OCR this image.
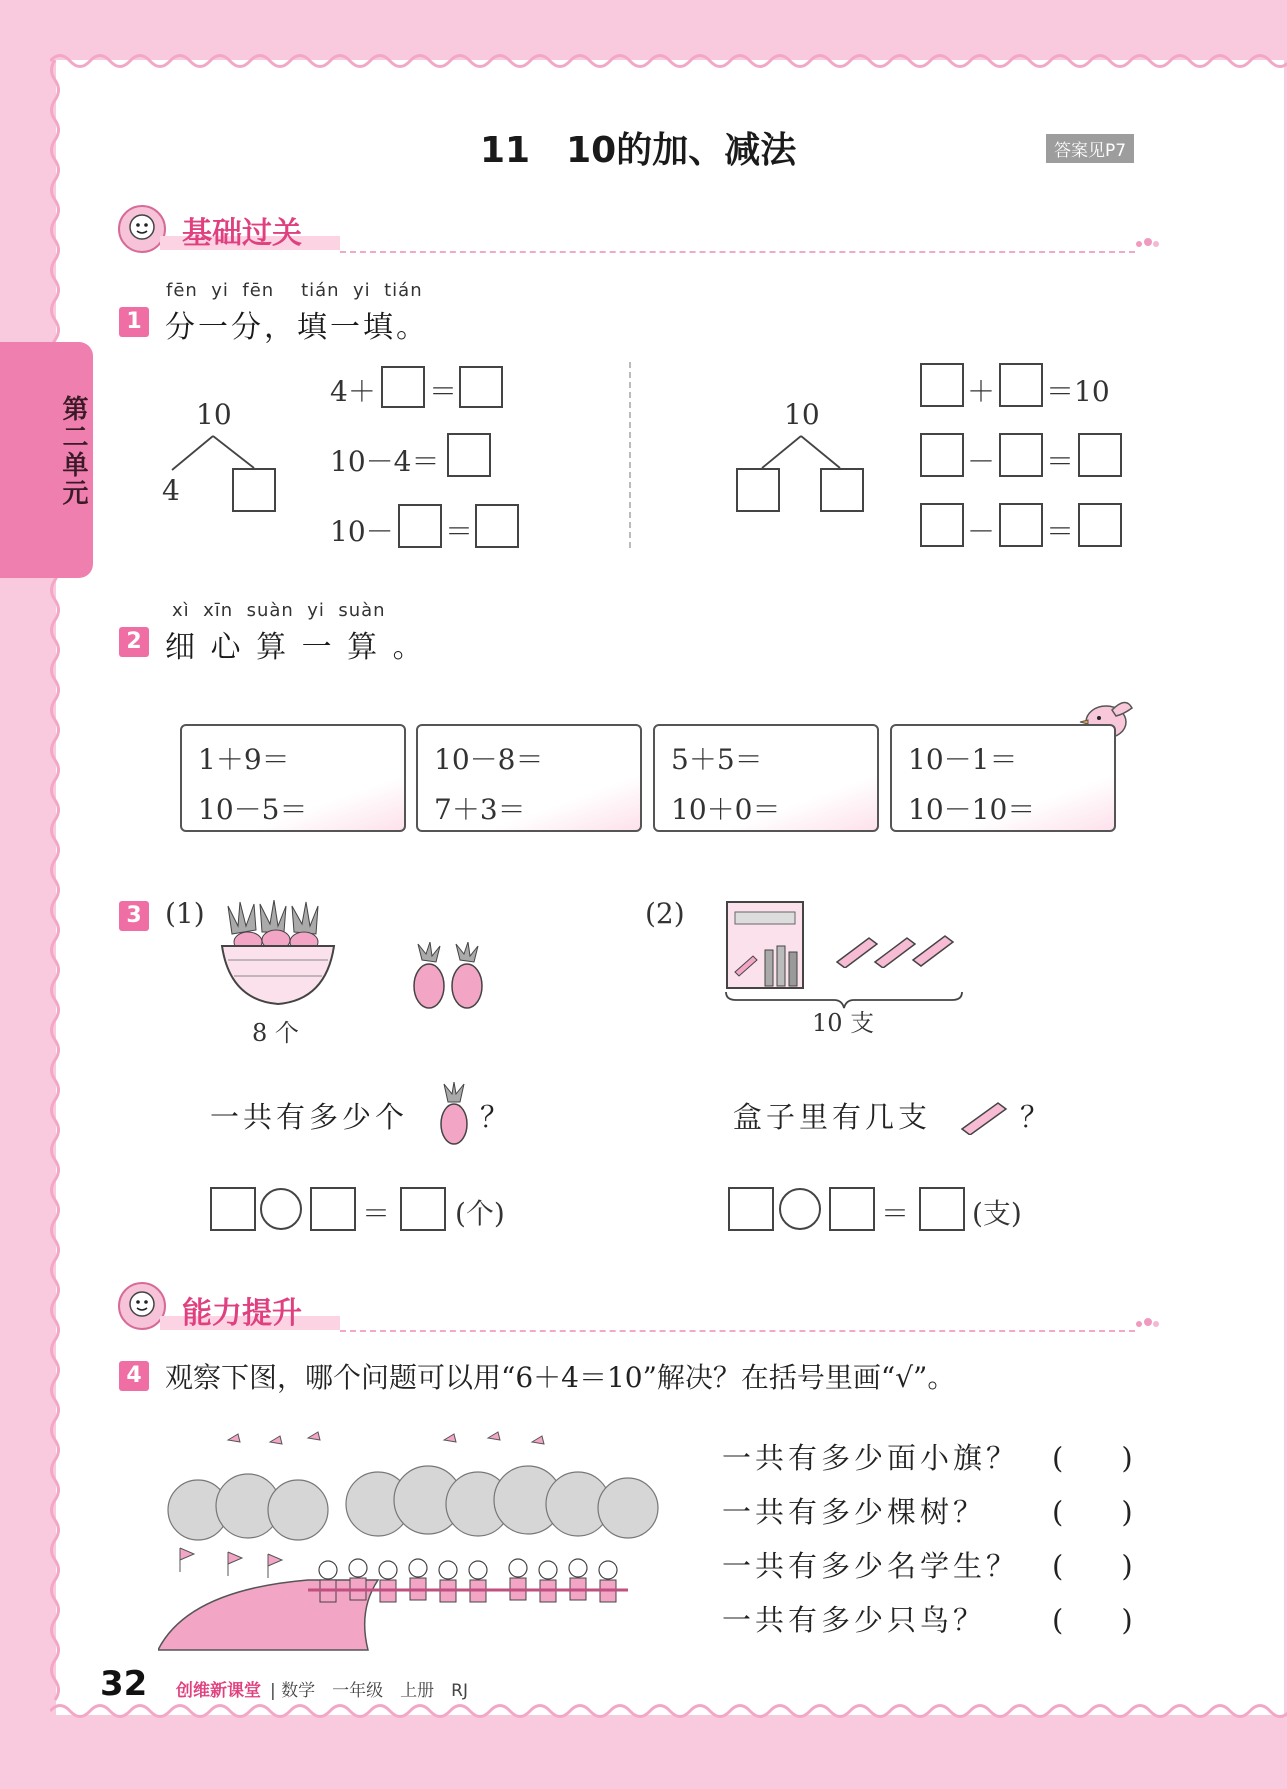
第二单元
11　10的加、减法	答案见P7
基础过关
fēn  yi  fēn    tián  yi  tián
1 分一分，填一填。
10
4
4＋ ＝
10－4＝
10－ ＝
10
＋ ＝10
－ ＝
－ ＝
xì  xīn  suàn  yi  suàn
2 细 心 算 一 算 。
1＋9＝
10－5＝
10－8＝
7＋3＝
5＋5＝
10＋0＝
10－1＝
10－10＝
3 (1)
8 个
一共有多少个 ？
＝ (个)
(2)
10 支
盒子里有几支	？
＝ (支)
能力提升
4 观察下图，哪个问题可以用“6＋4＝10”解决？在括号里画“√”。
一共有多少面小旗？ (　　)
一共有多少棵树？ (　　)
一共有多少名学生？ (　　)
一共有多少只鸟？ (　　)
32 创维新课堂 | 数学　一年级　上册　RJ
